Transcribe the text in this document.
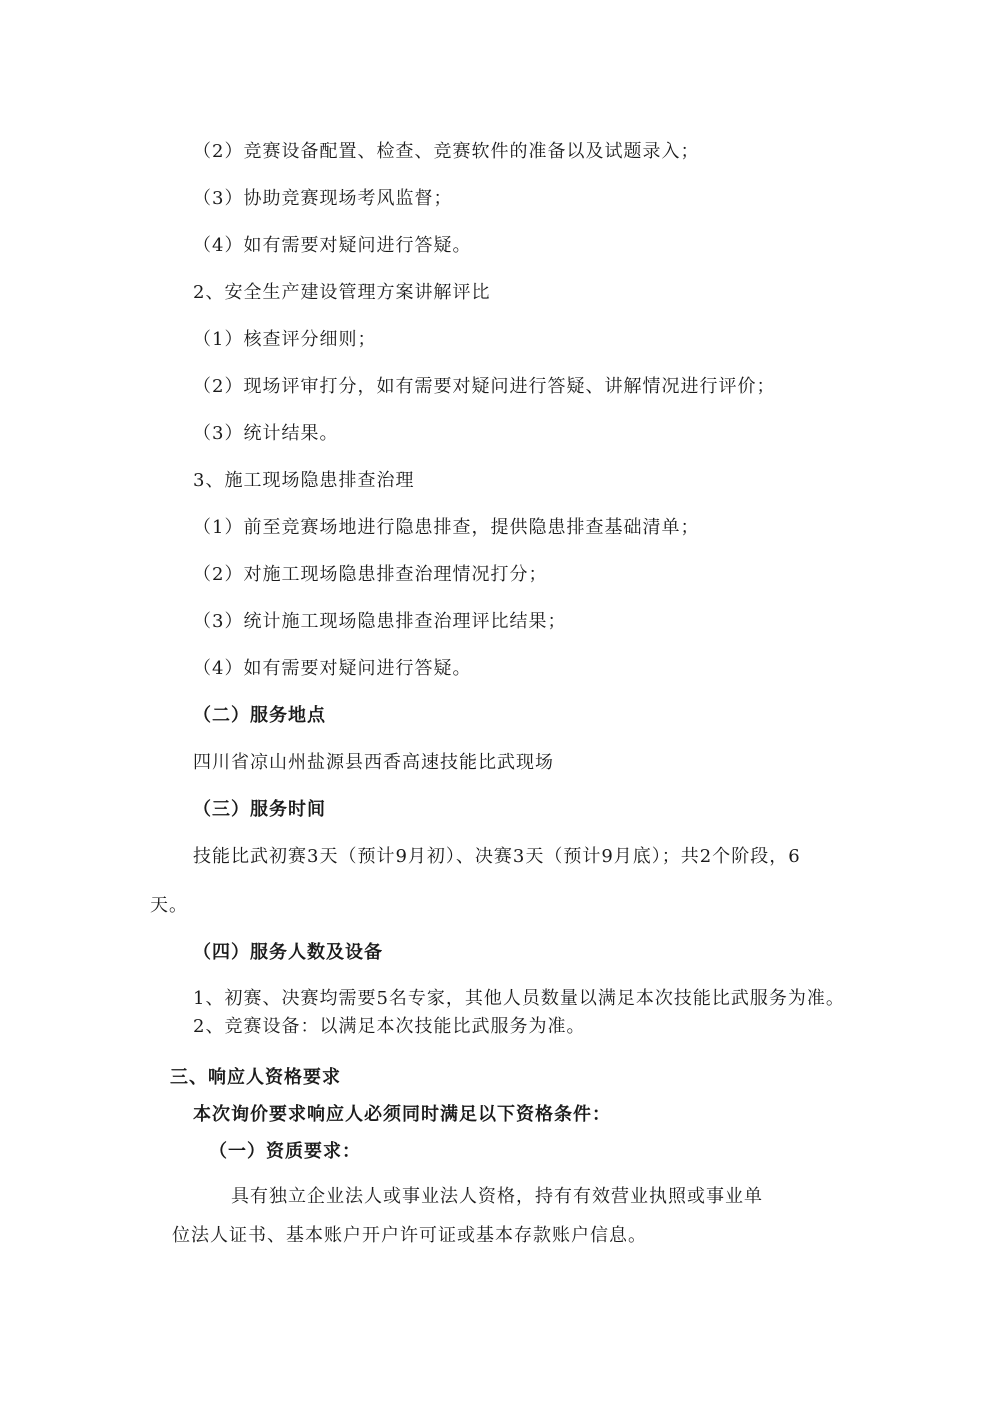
（2）竞赛设备配置、检查、竞赛软件的准备以及试题录入；
（3）协助竞赛现场考风监督；
（4）如有需要对疑问进行答疑。
2、安全生产建设管理方案讲解评比
（1）核查评分细则；
（2）现场评审打分，如有需要对疑问进行答疑、讲解情况进行评价；
（3）统计结果。
3、施工现场隐患排查治理
（1）前至竞赛场地进行隐患排查，提供隐患排查基础清单；
（2）对施工现场隐患排查治理情况打分；
（3）统计施工现场隐患排查治理评比结果；
（4）如有需要对疑问进行答疑。
（二）服务地点
四川省凉山州盐源县西香高速技能比武现场
（三）服务时间
技能比武初赛3天（预计9月初）、决赛3天（预计9月底）；共2个阶段，6
天。
（四）服务人数及设备
1、初赛、决赛均需要5名专家，其他人员数量以满足本次技能比武服务为准。
2、竞赛设备：以满足本次技能比武服务为准。
三、响应人资格要求
本次询价要求响应人必须同时满足以下资格条件：
（一）资质要求：
具有独立企业法人或事业法人资格，持有有效营业执照或事业单
位法人证书、基本账户开户许可证或基本存款账户信息。
